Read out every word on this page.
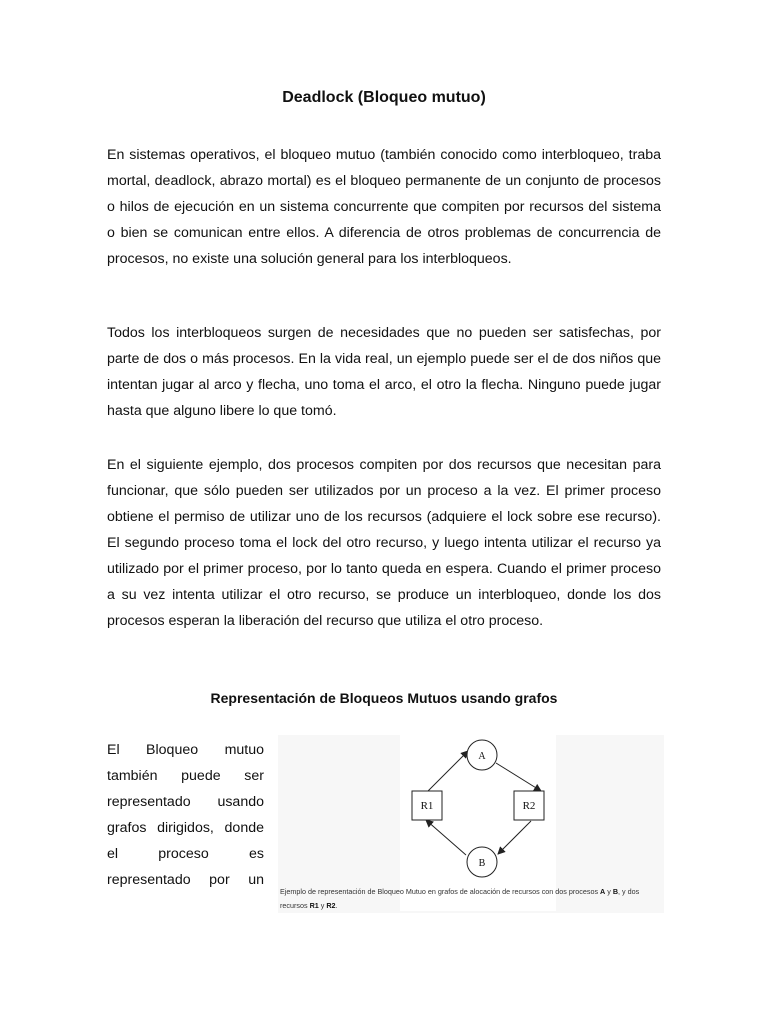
Deadlock (Bloqueo mutuo)

En sistemas operativos, el bloqueo mutuo (también conocido como interbloqueo, traba mortal, deadlock, abrazo mortal) es el bloqueo permanente de un conjunto de procesos o hilos de ejecución en un sistema concurrente que compiten por recursos del sistema o bien se comunican entre ellos. A diferencia de otros problemas de concurrencia de procesos, no existe una solución general para los interbloqueos.

Todos los interbloqueos surgen de necesidades que no pueden ser satisfechas, por parte de dos o más procesos. En la vida real, un ejemplo puede ser el de dos niños que intentan jugar al arco y flecha, uno toma el arco, el otro la flecha. Ninguno puede jugar hasta que alguno libere lo que tomó.

En el siguiente ejemplo, dos procesos compiten por dos recursos que necesitan para funcionar, que sólo pueden ser utilizados por un proceso a la vez. El primer proceso obtiene el permiso de utilizar uno de los recursos (adquiere el lock sobre ese recurso). El segundo proceso toma el lock del otro recurso, y luego intenta utilizar el recurso ya utilizado por el primer proceso, por lo tanto queda en espera. Cuando el primer proceso a su vez intenta utilizar el otro recurso, se produce un interbloqueo, donde los dos procesos esperan la liberación del recurso que utiliza el otro proceso.

Representación de Bloqueos Mutuos usando grafos
El Bloqueo mutuo
también puede ser
representado usando
grafos dirigidos, donde
el proceso es
representado por un
A
B
R1	R2
Ejemplo de representación de Bloqueo Mutuo en grafos de alocación de recursos con dos procesos A y B, y dos recursos R1 y R2.
